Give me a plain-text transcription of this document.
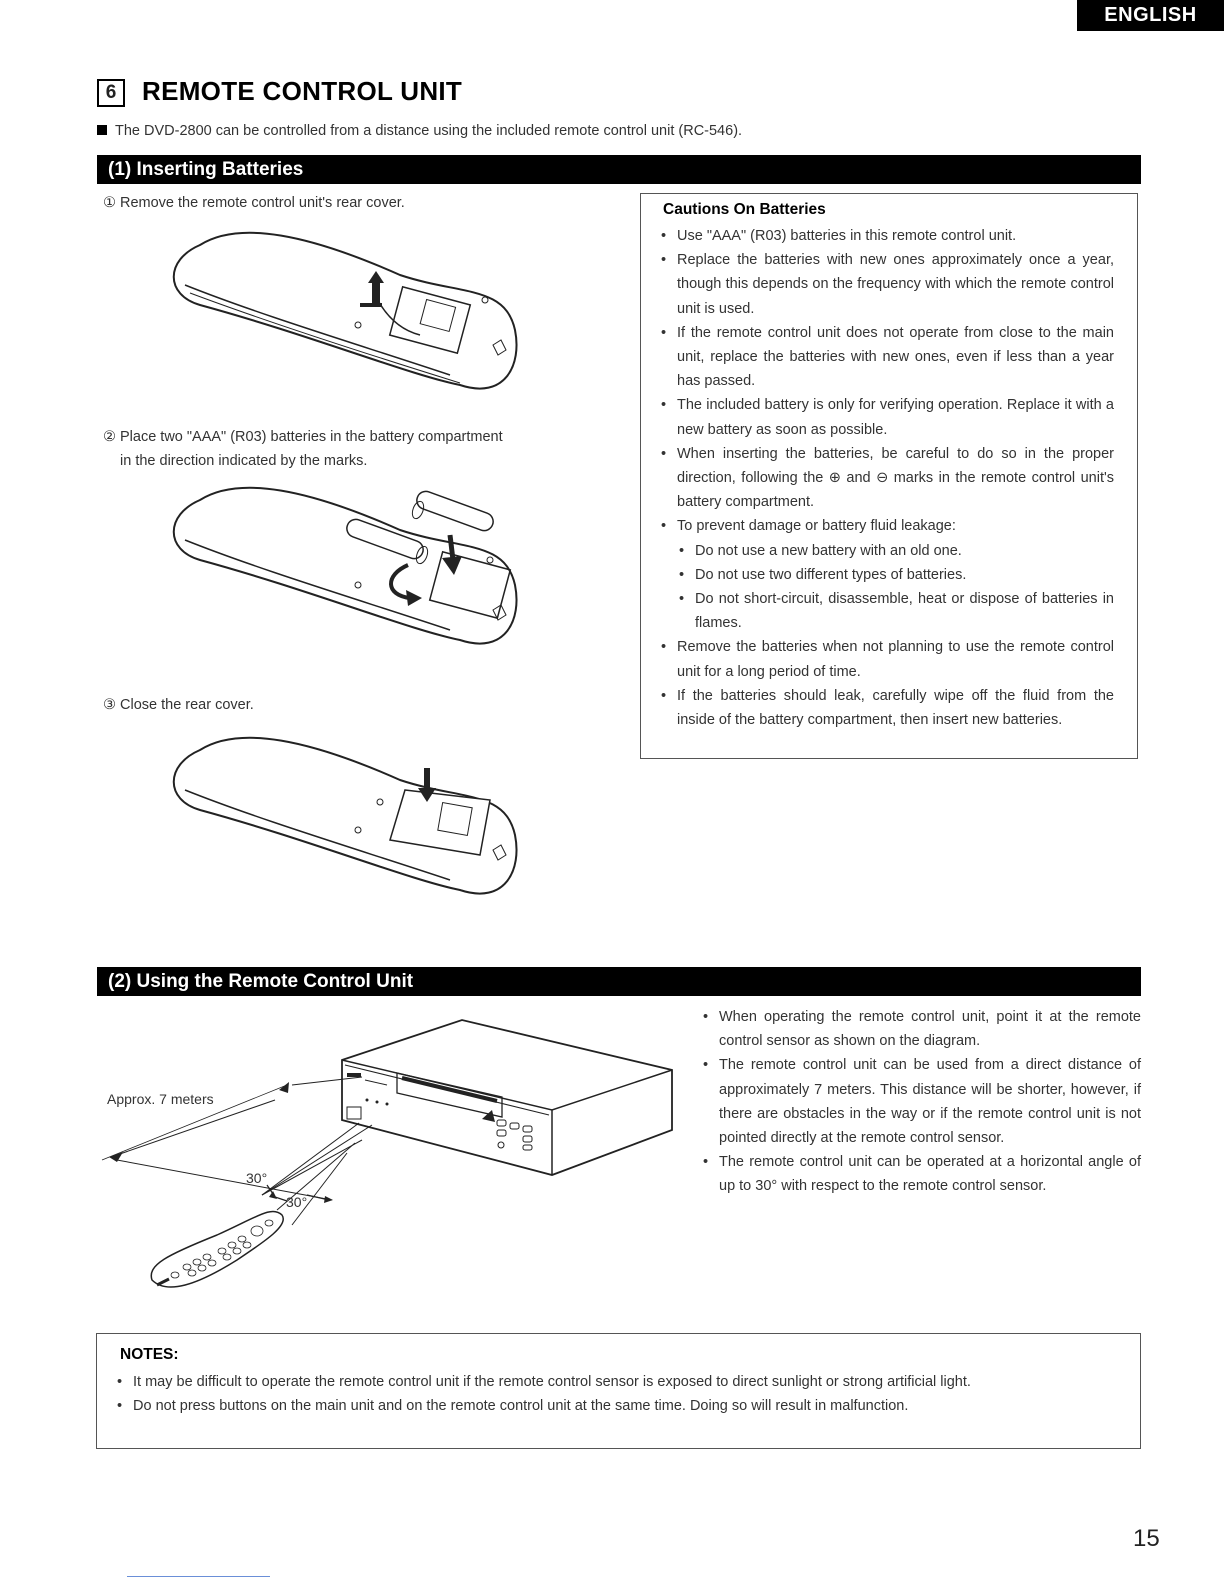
ENGLISH
6 REMOTE CONTROL UNIT
The DVD-2800 can be controlled from a distance using the included remote control unit (RC-546).
(1) Inserting Batteries
① Remove the remote control unit's rear cover.
② Place two "AAA" (R03) batteries in the battery compartment
in the direction indicated by the marks.
③ Close the rear cover.
Cautions On Batteries
• Use "AAA" (R03) batteries in this remote control unit.
• Replace the batteries with new ones approximately once a year, though this depends on the frequency with which the remote control unit is used.
• If the remote control unit does not operate from close to the main unit, replace the batteries with new ones, even if less than a year has passed.
• The included battery is only for verifying operation. Replace it with a new battery as soon as possible.
• When inserting the batteries, be careful to do so in the proper direction, following the ⊕ and ⊖ marks in the remote control unit's battery compartment.
• To prevent damage or battery fluid leakage:
• Do not use a new battery with an old one.
• Do not use two different types of batteries.
• Do not short-circuit, disassemble, heat or dispose of batteries in flames.
• Remove the batteries when not planning to use the remote control unit for a long period of time.
• If the batteries should leak, carefully wipe off the fluid from the inside of the battery compartment, then insert new batteries.
(2) Using the Remote Control Unit
Approx. 7 meters
30°
30°
• When operating the remote control unit, point it at the remote control sensor as shown on the diagram.
• The remote control unit can be used from a direct distance of approximately 7 meters. This distance will be shorter, however, if there are obstacles in the way or if the remote control unit is not pointed directly at the remote control sensor.
• The remote control unit can be operated at a horizontal angle of up to 30° with respect to the remote control sensor.
NOTES:
• It may be difficult to operate the remote control unit if the remote control sensor is exposed to direct sunlight or strong artificial light.
• Do not press buttons on the main unit and on the remote control unit at the same time. Doing so will result in malfunction.
15
